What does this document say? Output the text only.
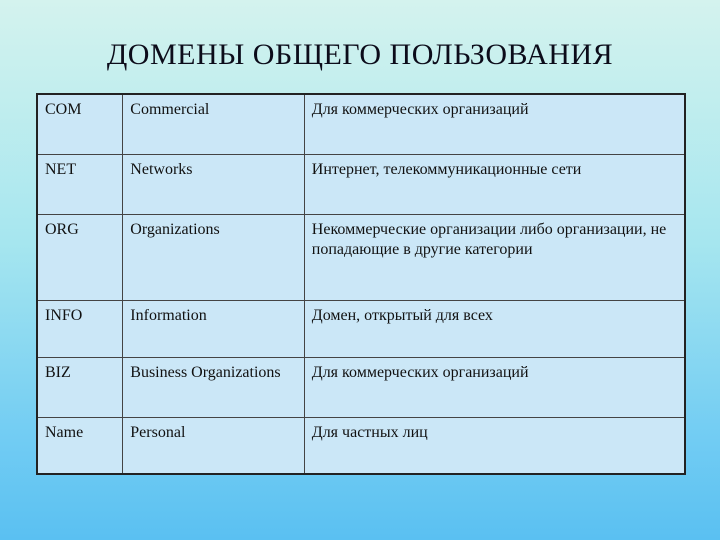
ДОМЕНЫ ОБЩЕГО ПОЛЬЗОВАНИЯ
COM	Commercial	Для коммерческих организаций
NET	Networks	Интернет, телекоммуникационные сети
ORG	Organizations	Некоммерческие организации либо организации, не попадающие в другие категории
INFO	Information	Домен, открытый для всех
BIZ	Business Organizations	Для коммерческих организаций
Name	Personal	Для частных лиц
